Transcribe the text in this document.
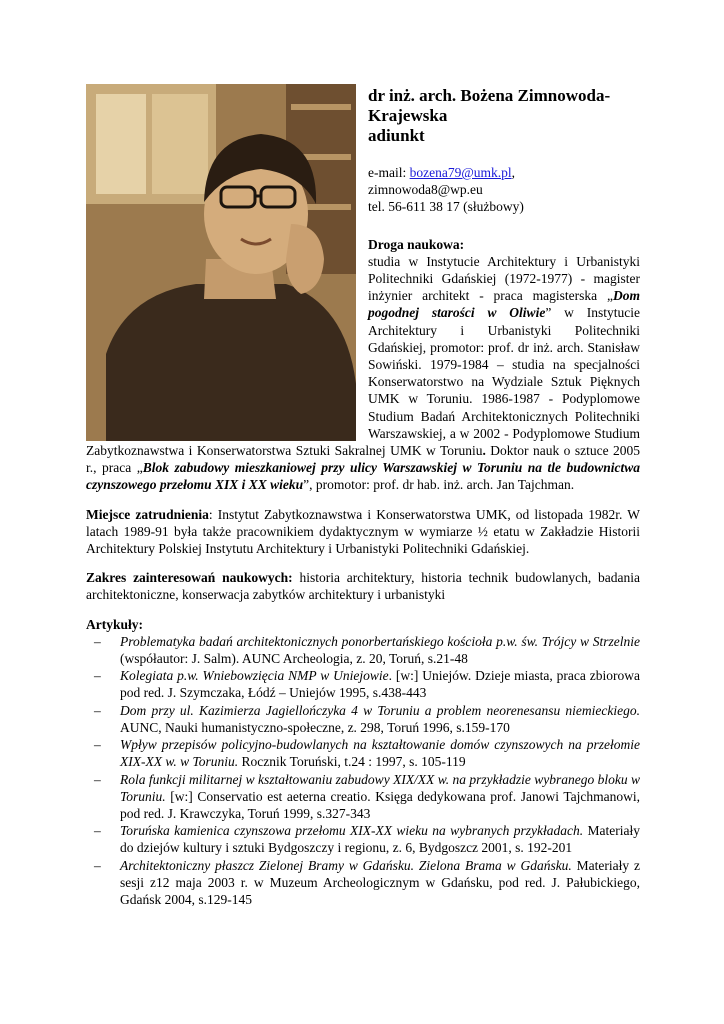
dr inż. arch. Bożena Zimnowoda-
Krajewska
adiunkt
e-mail: bozena79@umk.pl,
zimnowoda8@wp.eu
tel. 56-611 38 17 (służbowy)
Droga naukowa:
studia w Instytucie Architektury i Urbanistyki Politechniki Gdańskiej (1972-1977) - magister inżynier architekt - praca magisterska „Dom pogodnej starości w Oliwie” w Instytucie Architektury i Urbanistyki Politechniki Gdańskiej, promotor: prof. dr inż. arch. Stanisław Sowiński. 1979-1984 – studia na specjalności Konserwatorstwo na Wydziale Sztuk Pięknych UMK w Toruniu. 1986-1987 - Podyplomowe Studium Badań Architektonicznych Politechniki Warszawskiej, a w 2002 - Podyplomowe Studium Zabytkoznawstwa i Konserwatorstwa Sztuki Sakralnej UMK w Toruniu. Doktor nauk o sztuce 2005 r., praca „Blok zabudowy mieszkaniowej przy ulicy Warszawskiej w Toruniu na tle budownictwa czynszowego przełomu XIX i XX wieku”, promotor: prof. dr hab. inż. arch. Jan Tajchman.
Miejsce zatrudnienia: Instytut Zabytkoznawstwa i Konserwatorstwa UMK, od listopada 1982r. W latach 1989-91 była także pracownikiem dydaktycznym w wymiarze ½ etatu w Zakładzie Historii Architektury Polskiej Instytutu Architektury i Urbanistyki Politechniki Gdańskiej.
Zakres zainteresowań naukowych: historia architektury, historia technik budowlanych, badania architektoniczne, konserwacja zabytków architektury i urbanistyki
Artykuły:
– Problematyka badań architektonicznych ponorbertańskiego kościoła p.w. św. Trójcy w Strzelnie (współautor: J. Salm). AUNC Archeologia, z. 20, Toruń, s.21-48
– Kolegiata p.w. Wniebowzięcia NMP w Uniejowie. [w:] Uniejów. Dzieje miasta, praca zbiorowa pod red. J. Szymczaka, Łódź – Uniejów 1995, s.438-443
– Dom przy ul. Kazimierza Jagiellończyka 4 w Toruniu a problem neorenesansu niemieckiego. AUNC, Nauki humanistyczno-społeczne, z. 298, Toruń 1996, s.159-170
– Wpływ przepisów policyjno-budowlanych na kształtowanie domów czynszowych na przełomie XIX-XX w. w Toruniu. Rocznik Toruński, t.24 : 1997, s. 105-119
– Rola funkcji militarnej w kształtowaniu zabudowy XIX/XX w. na przykładzie wybranego bloku w Toruniu. [w:] Conservatio est aeterna creatio. Księga dedykowana prof. Janowi Tajchmanowi, pod red. J. Krawczyka, Toruń 1999, s.327-343
– Toruńska kamienica czynszowa przełomu XIX-XX wieku na wybranych przykładach. Materiały do dziejów kultury i sztuki Bydgoszczy i regionu, z. 6, Bydgoszcz 2001, s. 192-201
– Architektoniczny płaszcz Zielonej Bramy w Gdańsku. Zielona Brama w Gdańsku. Materiały z sesji z12 maja 2003 r. w Muzeum Archeologicznym w Gdańsku, pod red. J. Pałubickiego, Gdańsk 2004, s.129-145
